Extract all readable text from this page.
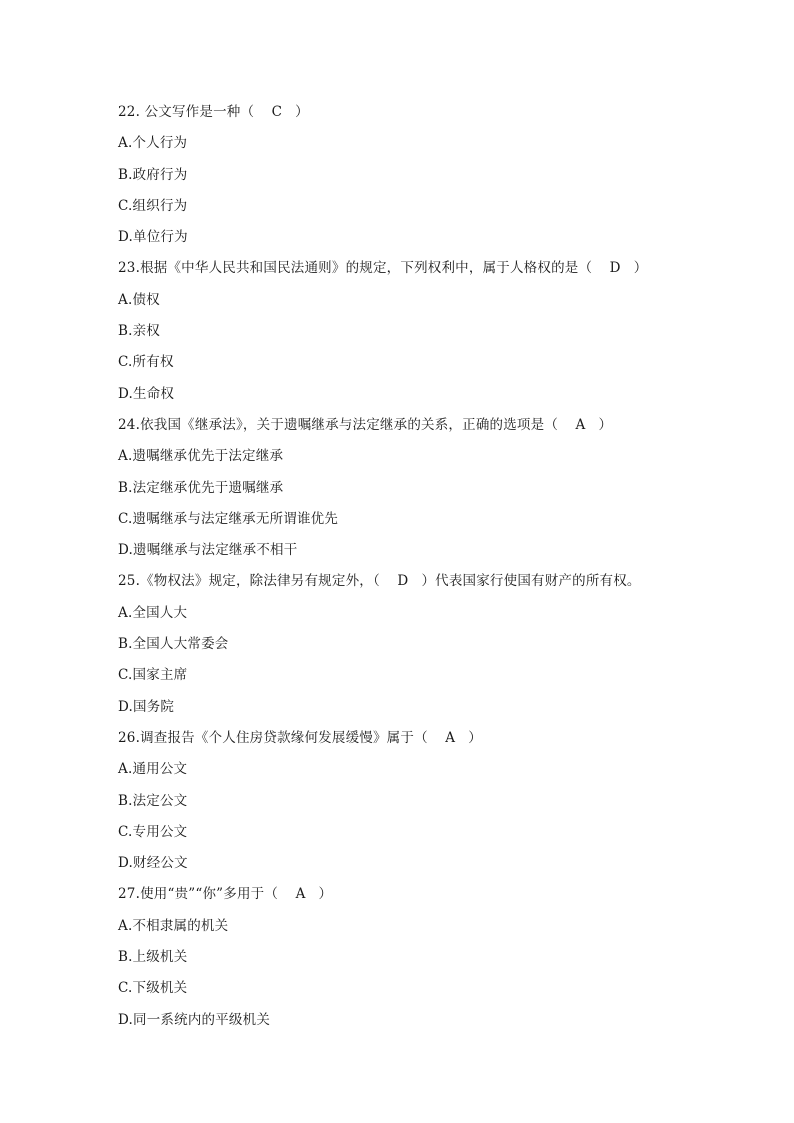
22. 公文写作是一种（ C ）
A.个人行为
B.政府行为
C.组织行为
D.单位行为
23.根据《中华人民共和国民法通则》的规定，下列权利中，属于人格权的是（ D ）
A.债权
B.亲权
C.所有权
D.生命权
24.依我国《继承法》，关于遗嘱继承与法定继承的关系，正确的选项是（ A ）
A.遗嘱继承优先于法定继承
B.法定继承优先于遗嘱继承
C.遗嘱继承与法定继承无所谓谁优先
D.遗嘱继承与法定继承不相干
25.《物权法》规定，除法律另有规定外，（ D ）代表国家行使国有财产的所有权。
A.全国人大
B.全国人大常委会
C.国家主席
D.国务院
26.调查报告《个人住房贷款缘何发展缓慢》属于（ A ）
A.通用公文
B.法定公文
C.专用公文
D.财经公文
27.使用“贵”“你”多用于（ A ）
A.不相隶属的机关
B.上级机关
C.下级机关
D.同一系统内的平级机关
